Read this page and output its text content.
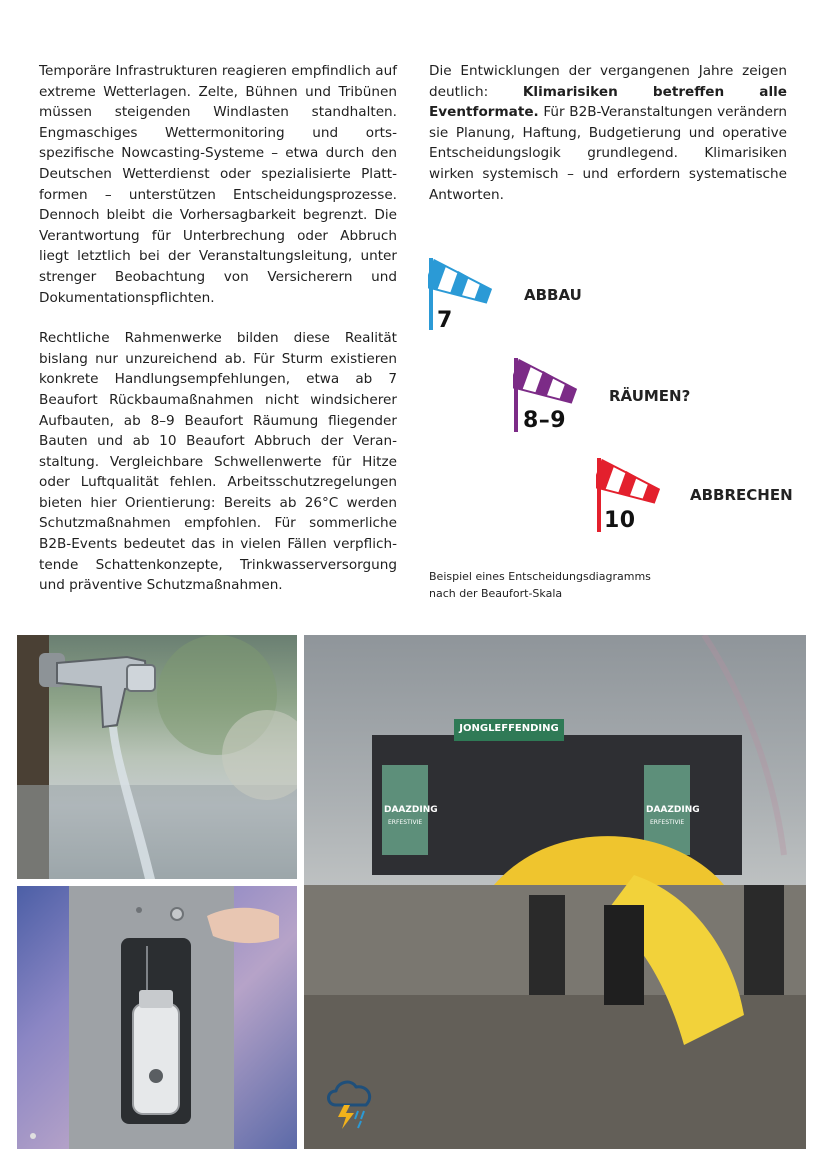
Temporäre Infrastrukturen reagieren empfindlich auf extreme Wetterlagen. Zelte, Bühnen und Tribünen müssen steigenden Windlasten standhalten. Engmaschiges Wettermonitoring und ortsspezifische Nowcasting-Systeme – etwa durch den Deutschen Wetterdienst oder spezialisierte Plattformen – unterstützen Entscheidungsprozesse. Dennoch bleibt die Vorhersagbarkeit begrenzt. Die Verantwortung für Unterbrechung oder Abbruch liegt letztlich bei der Veranstaltungsleitung, unter strenger Beobachtung von Versicherern und Dokumentationspflichten.

Rechtliche Rahmenwerke bilden diese Realität bislang nur unzureichend ab. Für Sturm existieren konkrete Handlungsempfehlungen, etwa ab 7 Beaufort Rückbaumaßnahmen nicht windsicherer Aufbauten, ab 8–9 Beaufort Räumung fliegender Bauten und ab 10 Beaufort Abbruch der Veranstaltung. Vergleichbare Schwellenwerte für Hitze oder Luftqualität fehlen. Arbeitsschutzregelungen bieten hier Orientierung: Bereits ab 26°C werden Schutzmaßnahmen empfohlen. Für sommerliche B2B-Events bedeutet das in vielen Fällen verpflichtende Schattenkonzepte, Trinkwasserversorgung und präventive Schutzmaßnahmen.

Die Entwicklungen der vergangenen Jahre zeigen deutlich: Klimarisiken betreffen alle Eventformate. Für B2B-Veranstaltungen verändern sie Planung, Haftung, Budgetierung und operative Entscheidungslogik grundlegend. Klimarisiken wirken systemisch – und erfordern systematische Antworten.

7
ABBAU
8–9
RÄUMEN?
10
ABBRECHEN
Beispiel eines Entscheidungsdiagramms
nach der Beaufort-Skala
JONGLEFFENDING
DAAZDING
ERFESTIVIE
DAAZDING
ERFESTIVIE
